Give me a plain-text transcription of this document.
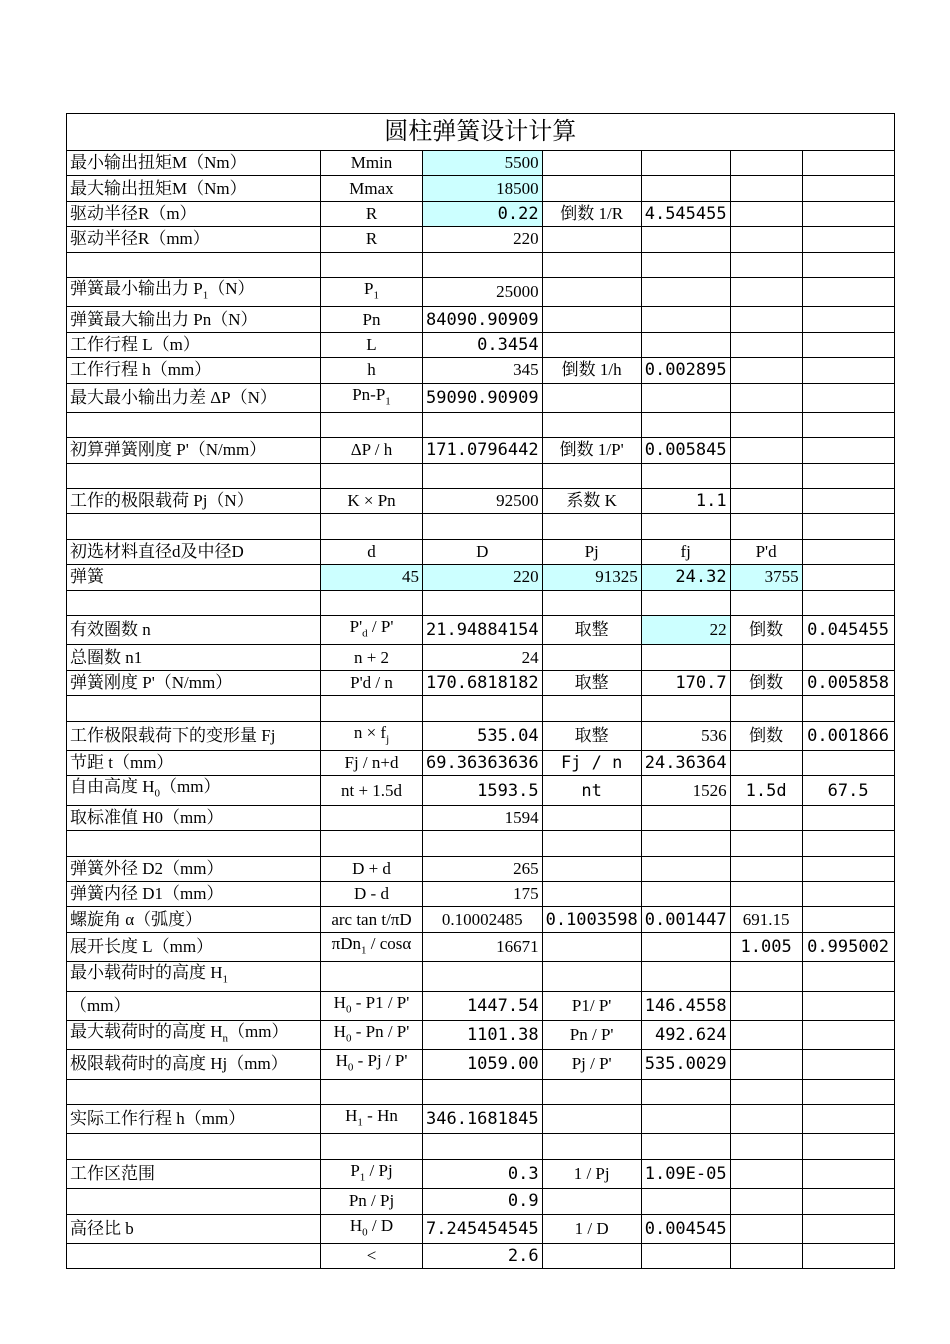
圆柱弹簧设计计算						
最小输出扭矩M（Nm）	Mmin	5500				
最大输出扭矩M（Nm）	Mmax	18500				
驱动半径R（m）	R	0.22	倒数 1/R	4.545455		
驱动半径R（mm）	R	220				

弹簧最小输出力 $P_1(N)$	$P_1$	25000				
弹簧最大输出力 Pn（N）	Pn	84090.90909				
工作行程 L（m）	L	0.3454				
工作行程 h（mm）	h	345	倒数 1/h	0.002895		
最大最小输出力差 ΔP（N）	$Pn-P_1$	59090.90909				

初算弹簧刚度 P'（N/mm）	ΔP / h	171.0796442	倒数 1/P'	0.005845		

工作的极限载荷 Pj（N）	K × Pn	92500	系数 K	1.1		

初选材料直径d及中径D	d	D	Pj	fj	P'd	
弹簧	45	220	91325	24.32	3755	

有效圈数 n	$P'_d$ / P'	21.94884154	取整	22	倒数	0.045455
总圈数 n1	n + 2	24				
弹簧刚度 P'（N/mm）	P'd / n	170.6818182	取整	170.7	倒数	0.005858

工作极限载荷下的变形量 Fj	$n \times f_j$	535.04	取整	536	倒数	0.001866
节距 t（mm）	Fj / n+d	69.36363636	Fj / n	24.36364		
自由高度 $H_0(mm)$	nt + 1.5d	1593.5	nt	1526	1.5d	67.5
取标准值 H0（mm）		1594				

弹簧外径 D2（mm）	D + d	265				
弹簧内径 D1（mm）	D - d	175				
螺旋角 α（弧度）	arc tan t/πD	0.10002485	0.1003598	0.001447	691.15	
展开长度 L（mm）	πDn$_1$ / cosα	16671			1.005	0.995002
最小载荷时的高度 $H_1$						
（mm）	$H_0 - P1$ / P'	1447.54	P1/ P'	146.4558		
最大载荷时的高度 $H_n(mm)$	$H_0$ - Pn / P'	1101.38	Pn / P'	492.624		
极限载荷时的高度 Hj（mm）	$H_0$ - Pj / P'	1059.00	Pj / P'	535.0029		

实际工作行程 h（mm）	$H_1$ - Hn	346.1681845				

工作区范围	$P_1$ / Pj	0.3	1 / Pj	1.09E-05		
	Pn / Pj	0.9				
高径比 b	$H_0$ / D	7.245454545	1 / D	0.004545		
	<	2.6				
